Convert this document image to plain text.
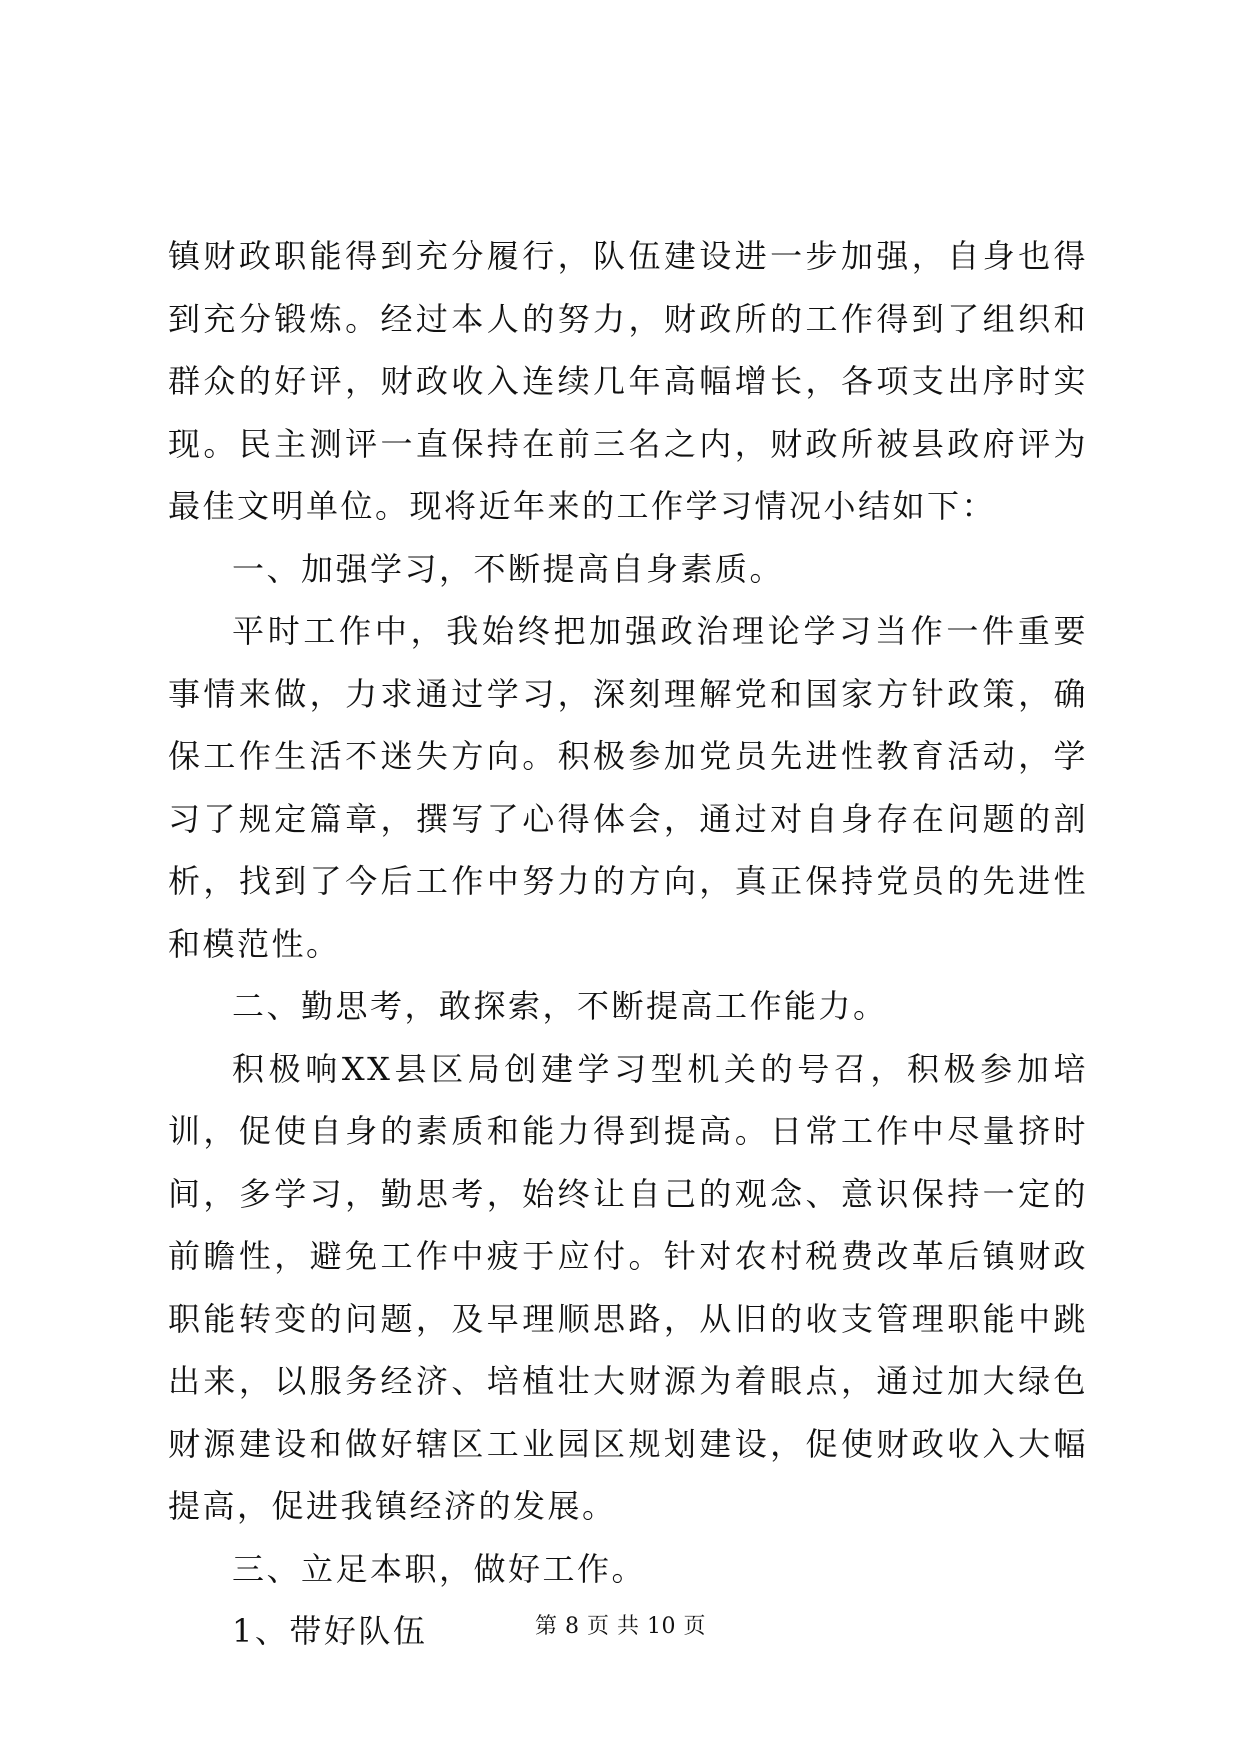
镇财政职能得到充分履行，队伍建设进一步加强，自身也得到充分锻炼。经过本人的努力，财政所的工作得到了组织和群众的好评，财政收入连续几年高幅增长，各项支出序时实现。民主测评一直保持在前三名之内，财政所被县政府评为最佳文明单位。现将近年来的工作学习情况小结如下：

一、加强学习，不断提高自身素质。

平时工作中，我始终把加强政治理论学习当作一件重要事情来做，力求通过学习，深刻理解党和国家方针政策，确保工作生活不迷失方向。积极参加党员先进性教育活动，学习了规定篇章，撰写了心得体会，通过对自身存在问题的剖析，找到了今后工作中努力的方向，真正保持党员的先进性和模范性。

二、勤思考，敢探索，不断提高工作能力。

积极响XX县区局创建学习型机关的号召，积极参加培训，促使自身的素质和能力得到提高。日常工作中尽量挤时间，多学习，勤思考，始终让自己的观念、意识保持一定的前瞻性，避免工作中疲于应付。针对农村税费改革后镇财政职能转变的问题，及早理顺思路，从旧的收支管理职能中跳出来，以服务经济、培植壮大财源为着眼点，通过加大绿色财源建设和做好辖区工业园区规划建设，促使财政收入大幅提高，促进我镇经济的发展。

三、立足本职，做好工作。

1、带好队伍	第 8 页 共 10 页
